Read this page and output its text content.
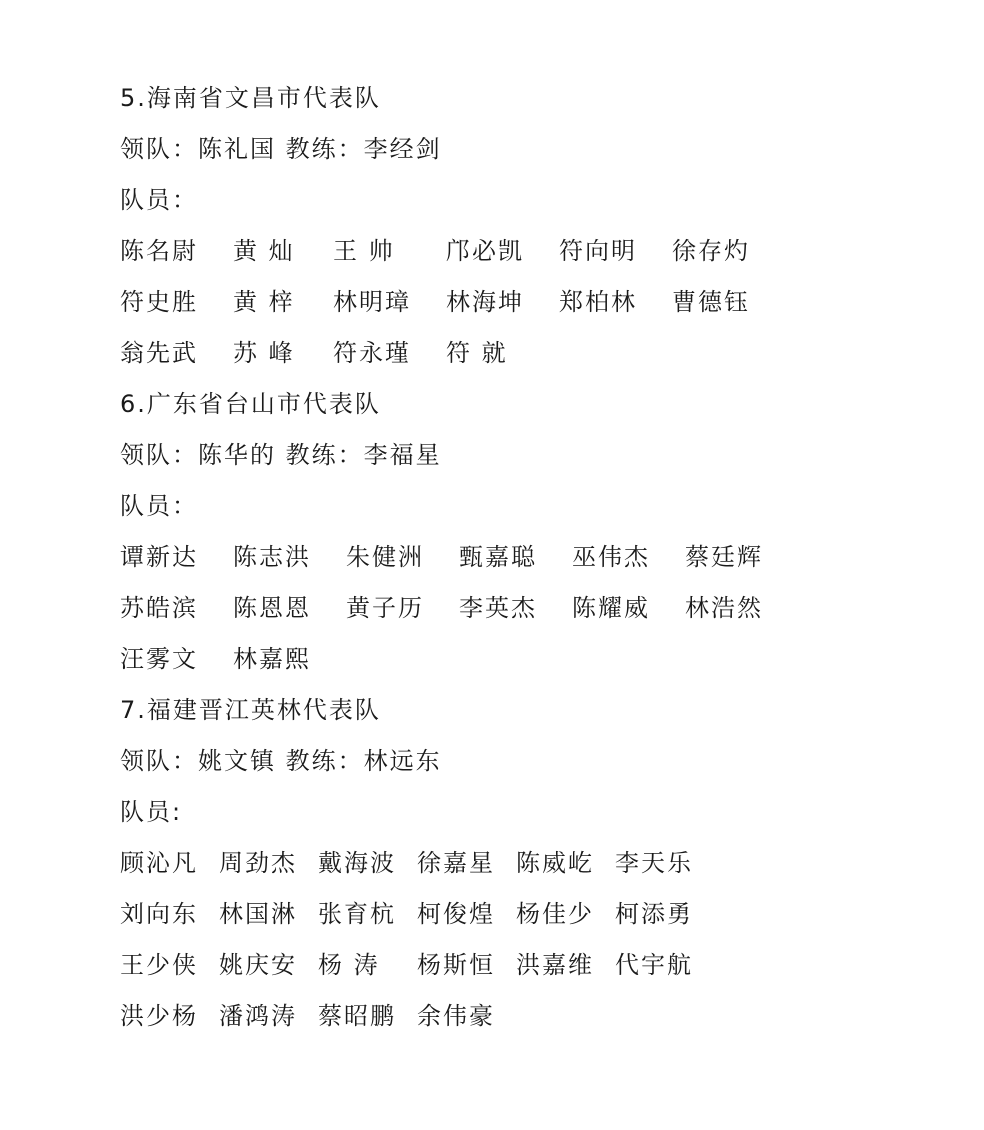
5.海南省文昌市代表队
领队：陈礼国 教练：李经剑
队员：
陈名尉 黄 灿 王 帅 邝必凯 符向明 徐存灼
符史胜 黄 梓 林明璋 林海坤 郑柏林 曹德钰
翁先武 苏 峰 符永瑾 符 就
6.广东省台山市代表队
领队：陈华的 教练：李福星
队员：
谭新达 陈志洪 朱健洲 甄嘉聪 巫伟杰 蔡廷辉
苏皓滨 陈恩恩 黄子历 李英杰 陈耀威 林浩然
汪雾文 林嘉熙
7.福建晋江英林代表队
领队：姚文镇 教练：林远东
队员:
顾沁凡 周劲杰 戴海波 徐嘉星 陈威屹 李天乐
刘向东 林国淋 张育杭 柯俊煌 杨佳少 柯添勇
王少侠 姚庆安 杨 涛 杨斯恒 洪嘉维 代宇航
洪少杨 潘鸿涛 蔡昭鹏 余伟豪
